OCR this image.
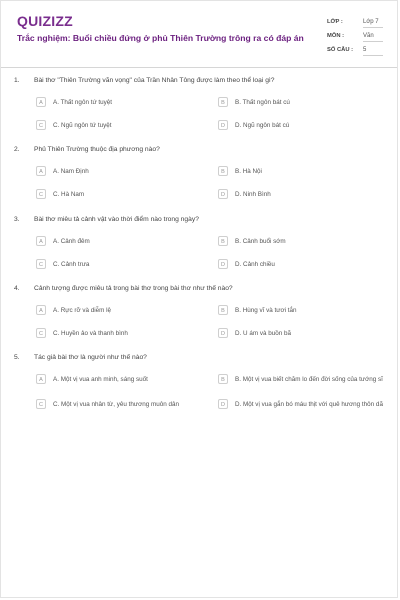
QUIZIZZ
Trắc nghiệm: Buổi chiều đứng ở phủ Thiên Trường trông ra có đáp án
LỚP :	Lớp 7
MÔN :	Văn
SỐ CÂU : 5
1. Bài thơ "Thiên Trường vãn vọng" của Trần Nhân Tông được làm theo thể loại gì?
A	A. Thất ngôn tứ tuyệt	B	B. Thất ngôn bát cú
C	C. Ngũ ngôn tứ tuyệt	D	D. Ngũ ngôn bát cú
2. Phủ Thiên Trường thuộc địa phương nào?
A	A. Nam Định	B	B. Hà Nội
C	C. Hà Nam	D	D. Ninh Bình
3. Bài thơ miêu tả cảnh vật vào thời điểm nào trong ngày?
A	A. Cảnh đêm	B	B. Cảnh buổi sớm
C	C. Cảnh trưa	D	D. Cảnh chiều
4. Cảnh tượng được miêu tả trong bài thơ trong bài thơ như thế nào?
A	A. Rực rỡ và diễm lệ	B	B. Hùng vĩ và tươi tắn
C	C. Huyền ảo và thanh bình	D	D. U ám và buồn bã
5. Tác giả bài thơ là người như thế nào?
A	A. Một vị vua anh minh, sáng suốt	B	B. Một vị vua biết chăm lo đến đời sống của tướng sĩ
C	C. Một vị vua nhân từ, yêu thương muôn dân	D	D. Một vị vua gắn bó máu thịt với quê hương thôn dã
